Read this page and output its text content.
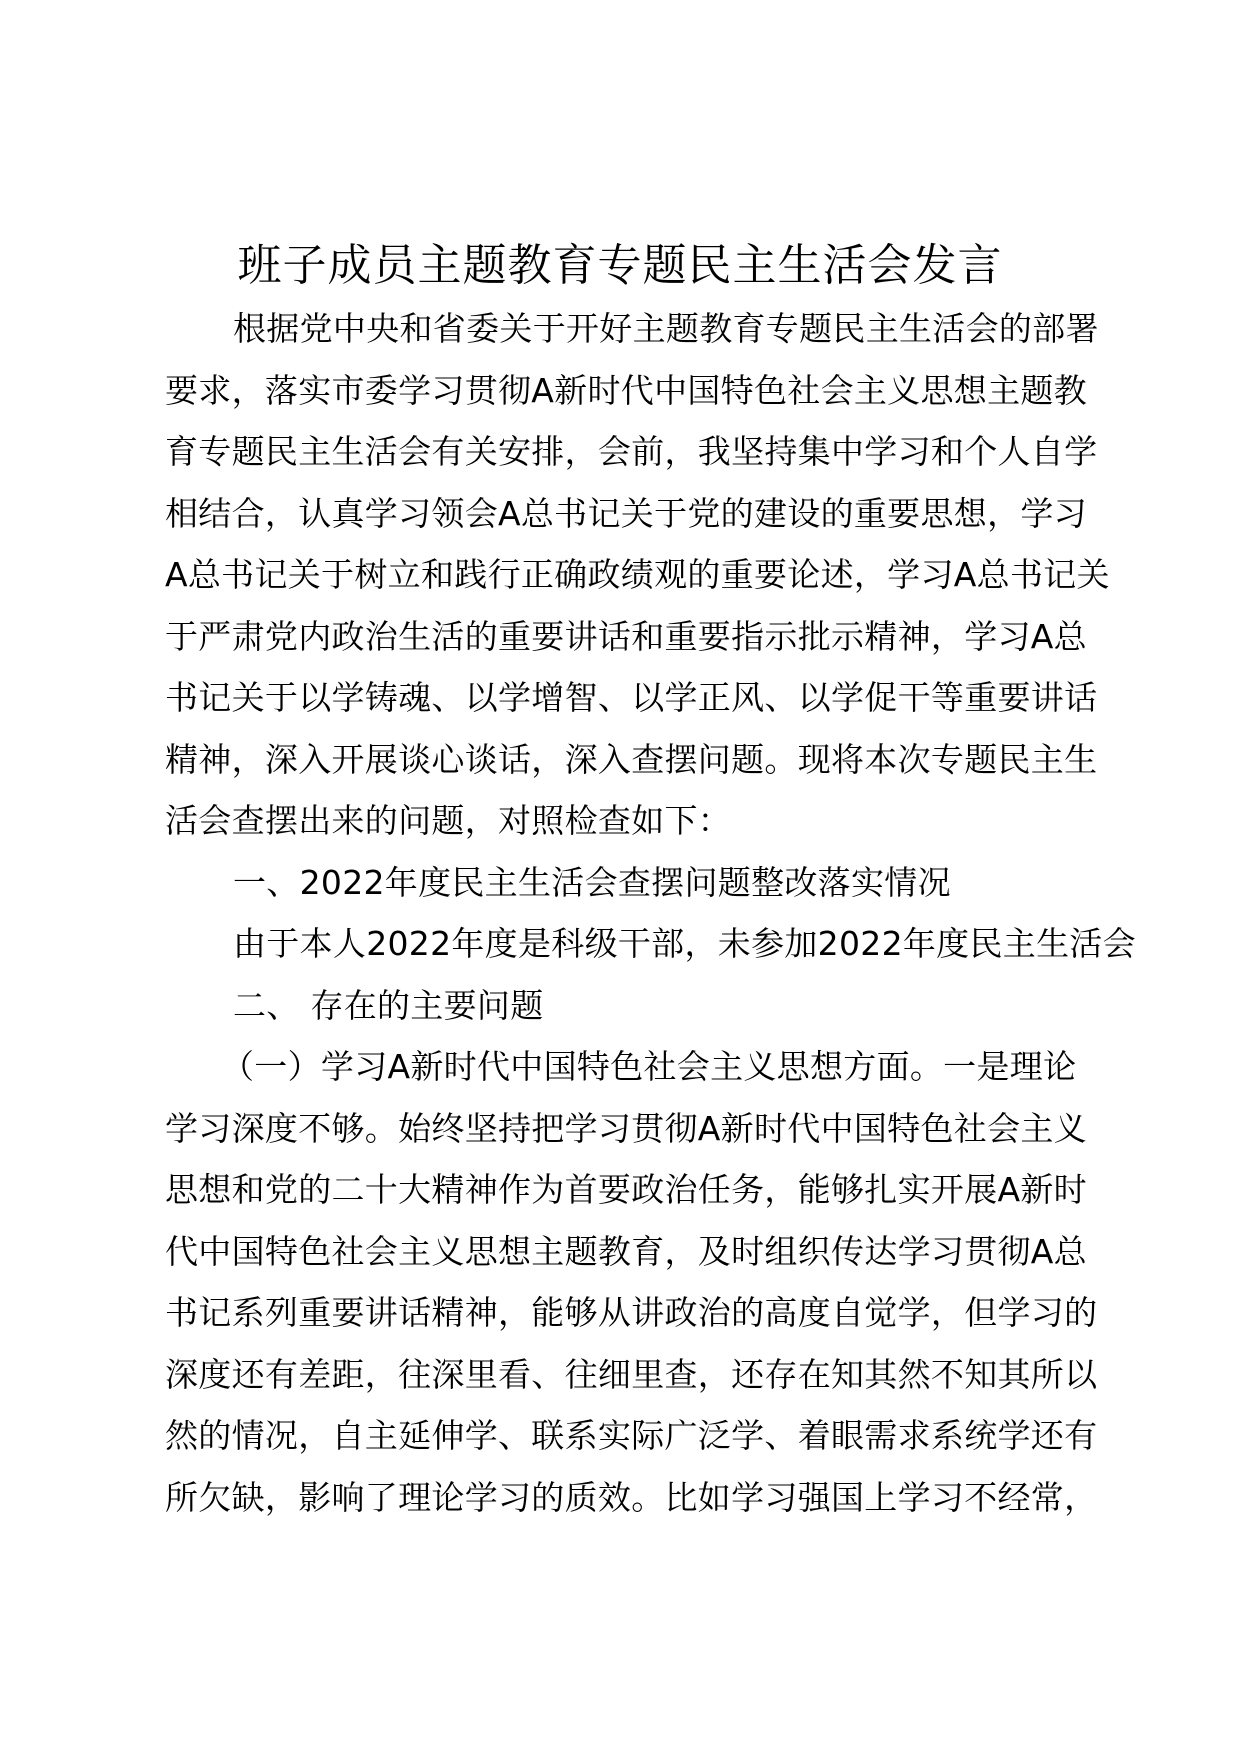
班子成员主题教育专题民主生活会发言
根据党中央和省委关于开好主题教育专题民主生活会的部署
要求，落实市委学习贯彻A新时代中国特色社会主义思想主题教
育专题民主生活会有关安排，会前，我坚持集中学习和个人自学
相结合，认真学习领会A总书记关于党的建设的重要思想，学习
A总书记关于树立和践行正确政绩观的重要论述，学习A总书记关
于严肃党内政治生活的重要讲话和重要指示批示精神，学习A总
书记关于以学铸魂、以学增智、以学正风、以学促干等重要讲话
精神，深入开展谈心谈话，深入查摆问题。现将本次专题民主生
活会查摆出来的问题，对照检查如下：
一、2022年度民主生活会查摆问题整改落实情况
由于本人2022年度是科级干部，未参加2022年度民主生活会
二、 存在的主要问题
（一）学习A新时代中国特色社会主义思想方面。一是理论
学习深度不够。始终坚持把学习贯彻A新时代中国特色社会主义
思想和党的二十大精神作为首要政治任务，能够扎实开展A新时
代中国特色社会主义思想主题教育，及时组织传达学习贯彻A总
书记系列重要讲话精神，能够从讲政治的高度自觉学，但学习的
深度还有差距，往深里看、往细里查，还存在知其然不知其所以
然的情况，自主延伸学、联系实际广泛学、着眼需求系统学还有
所欠缺，影响了理论学习的质效。比如学习强国上学习不经常，
